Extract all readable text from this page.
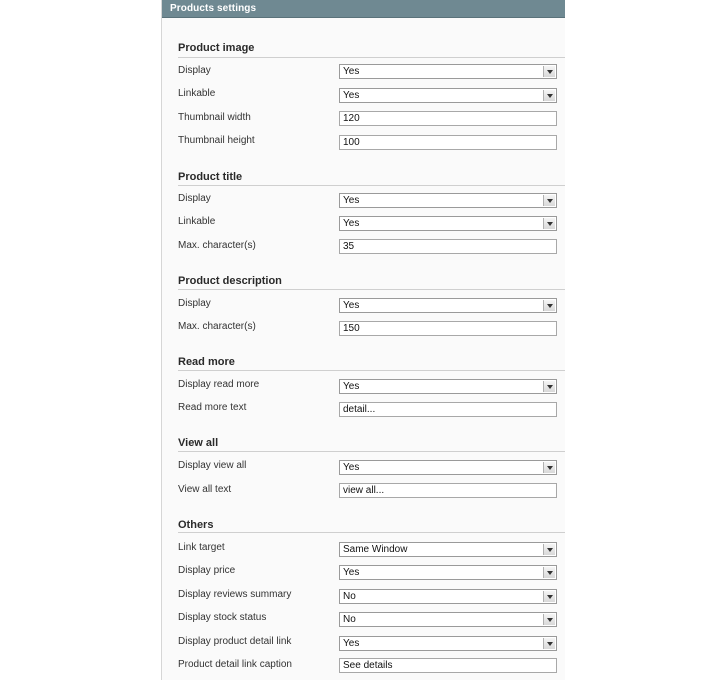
Products settings
Product image
Display	Yes
Linkable	Yes
Thumbnail width	120
Thumbnail height	100
Product title
Display	Yes
Linkable	Yes
Max. character(s)	35
Product description
Display	Yes
Max. character(s)	150
Read more
Display read more	Yes
Read more text	detail...
View all
Display view all	Yes
View all text	view all...
Others
Link target	Same Window
Display price	Yes
Display reviews summary	No
Display stock status	No
Display product detail link	Yes
Product detail link caption	See details
